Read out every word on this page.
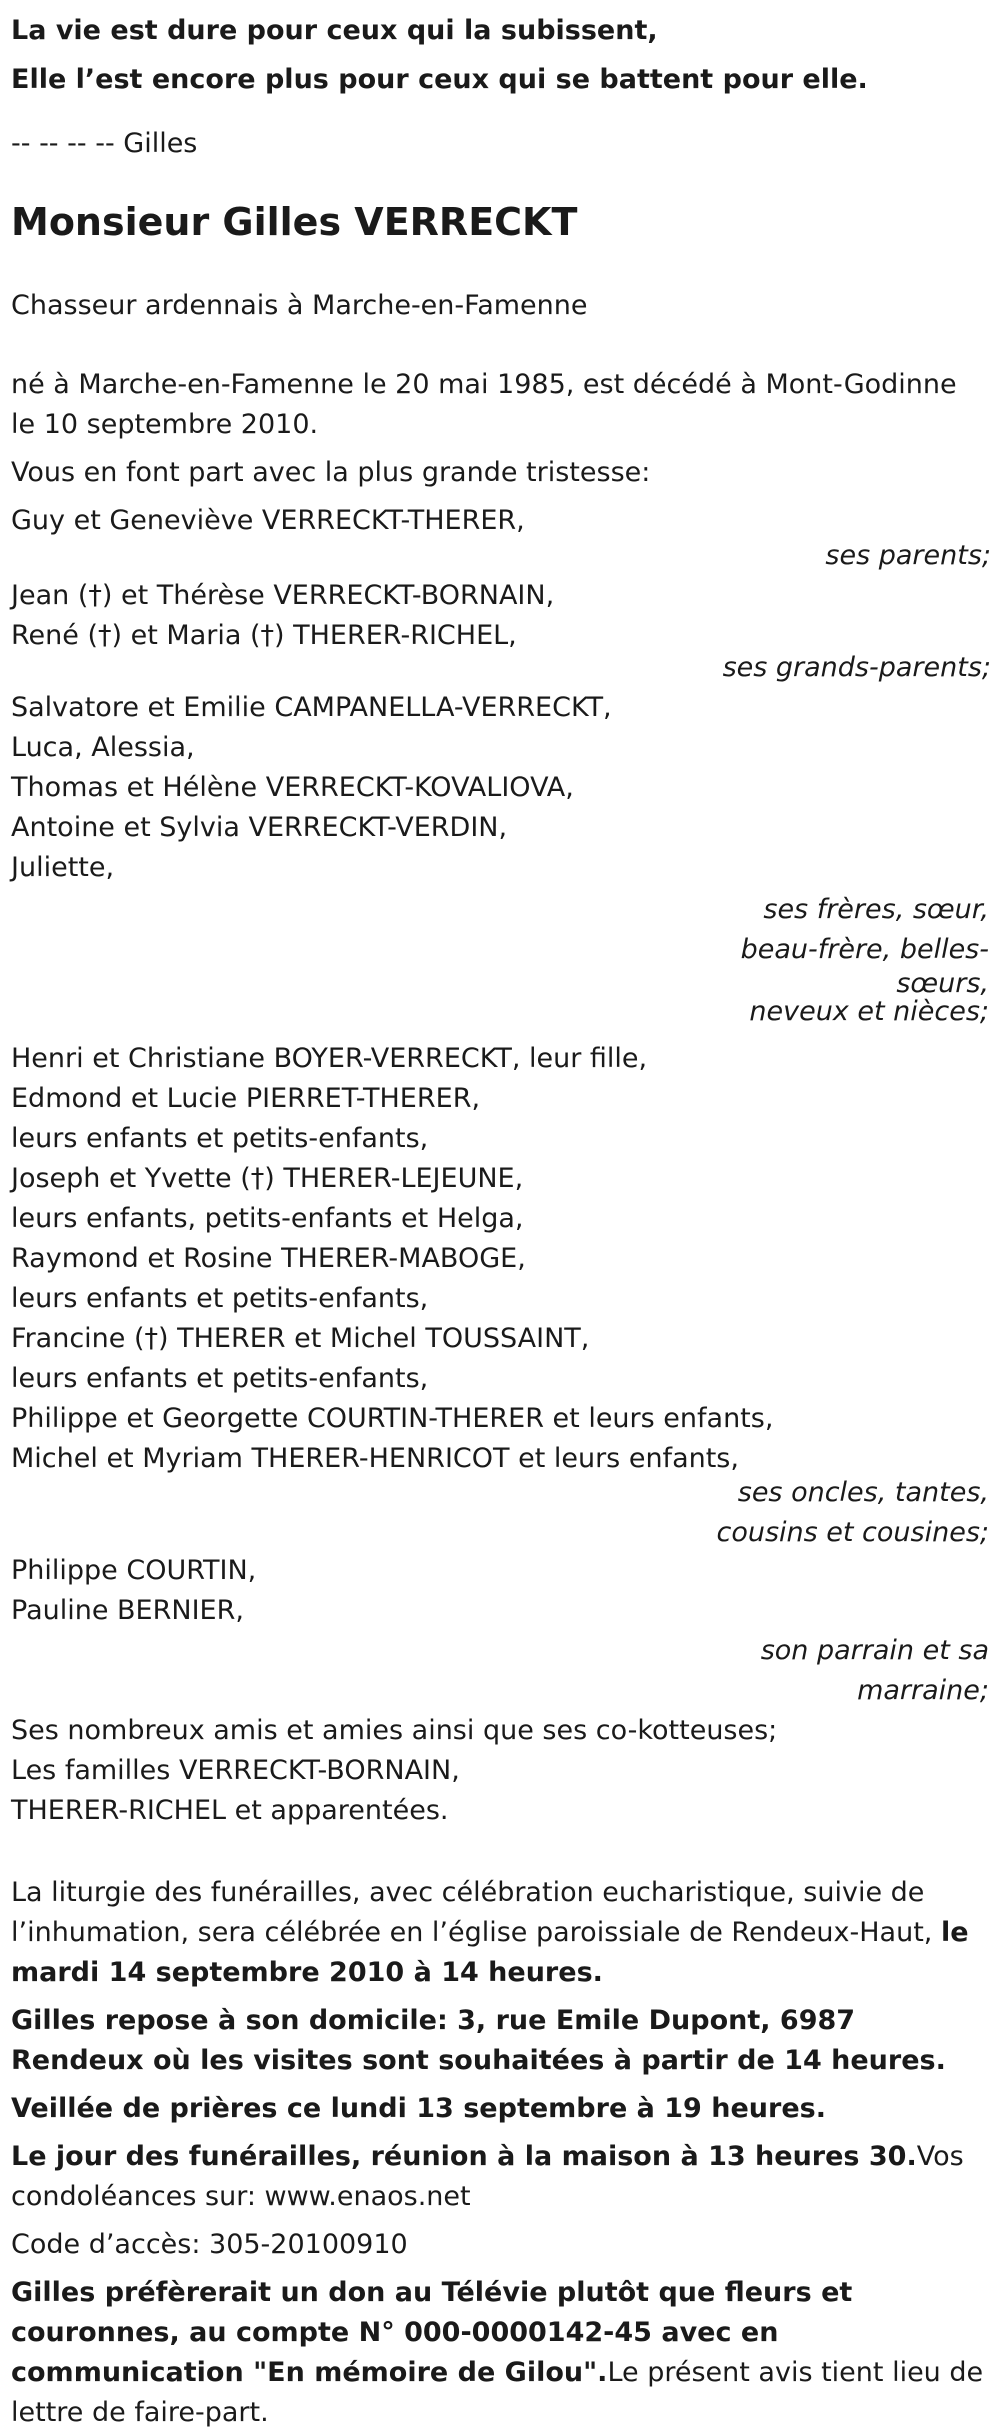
La vie est dure pour ceux qui la subissent,

Elle l’est encore plus pour ceux qui se battent pour elle.

-- -- -- -- Gilles

Monsieur Gilles VERRECKT

Chasseur ardennais à Marche-en-Famenne

né à Marche-en-Famenne le 20 mai 1985, est décédé à Mont-Godinne le 10 septembre 2010.

Vous en font part avec la plus grande tristesse:

Guy et Geneviève VERRECKT-THERER,

ses parents;

Jean (†) et Thérèse VERRECKT-BORNAIN,

René (†) et Maria (†) THERER-RICHEL,

ses grands-parents;

Salvatore et Emilie CAMPANELLA-VERRECKT,

Luca, Alessia,

Thomas et Hélène VERRECKT-KOVALIOVA,

Antoine et Sylvia VERRECKT-VERDIN,

Juliette,

ses frères, sœur,

beau-frère, belles-

sœurs,

neveux et nièces;

Henri et Christiane BOYER-VERRECKT, leur fille,

Edmond et Lucie PIERRET-THERER,

leurs enfants et petits-enfants,

Joseph et Yvette (†) THERER-LEJEUNE,

leurs enfants, petits-enfants et Helga,

Raymond et Rosine THERER-MABOGE,

leurs enfants et petits-enfants,

Francine (†) THERER et Michel TOUSSAINT,

leurs enfants et petits-enfants,

Philippe et Georgette COURTIN-THERER et leurs enfants,

Michel et Myriam THERER-HENRICOT et leurs enfants,

ses oncles, tantes,

cousins et cousines;

Philippe COURTIN,

Pauline BERNIER,

son parrain et sa

marraine;

Ses nombreux amis et amies ainsi que ses co-kotteuses;

Les familles VERRECKT-BORNAIN,

THERER-RICHEL et apparentées.

La liturgie des funérailles, avec célébration eucharistique, suivie de l’inhumation, sera célébrée en l’église paroissiale de Rendeux-Haut, le mardi 14 septembre 2010 à 14 heures.

Gilles repose à son domicile: 3, rue Emile Dupont, 6987 Rendeux où les visites sont souhaitées à partir de 14 heures.

Veillée de prières ce lundi 13 septembre à 19 heures.

Le jour des funérailles, réunion à la maison à 13 heures 30.Vos condoléances sur: www.enaos.net

Code d’accès: 305-20100910

Gilles préfèrerait un don au Télévie plutôt que fleurs et couronnes, au compte N° 000-0000142-45 avec en communication "En mémoire de Gilou".Le présent avis tient lieu de lettre de faire-part.
